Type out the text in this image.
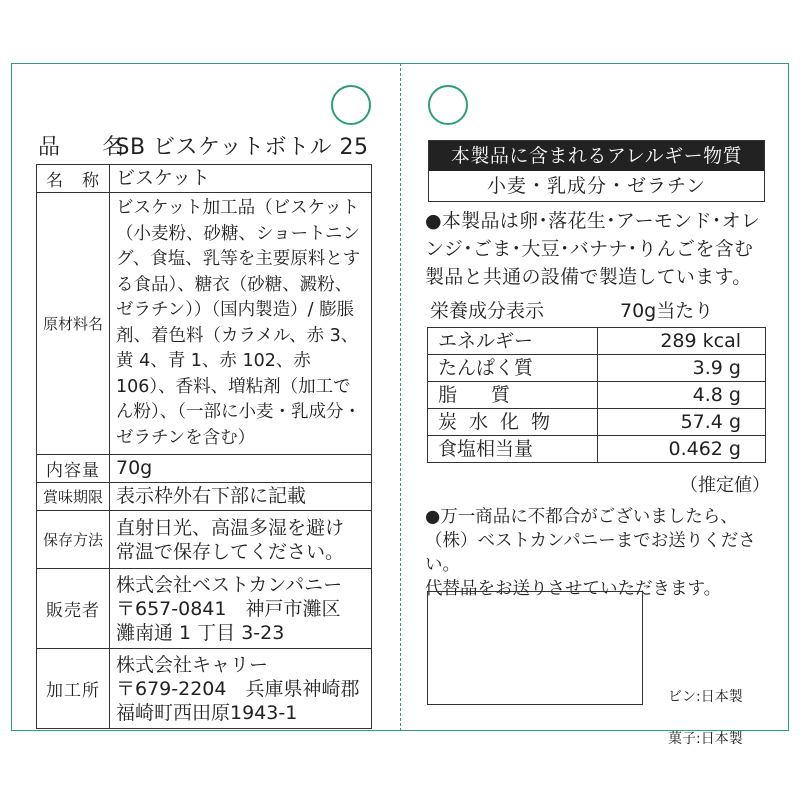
品　名 SB ビスケットボトル 25
名　称	ビスケット
原材料名	ビスケット加工品（ビスケット（小麦粉、砂糖、ショートニング、食塩、乳等を主要原料とする食品）、糖衣（砂糖、澱粉、ゼラチン））（国内製造）/ 膨脹剤、着色料（カラメル、赤 3、黄 4、青 1、赤 102、赤 106）、香料、増粘剤（加工でん粉）、（一部に小麦・乳成分・ゼラチンを含む）
内容量	70g
賞味期限	表示枠外右下部に記載
保存方法	直射日光、高温多湿を避け
常温で保存してください。
販売者	株式会社ベストカンパニー
〒657-0841　神戸市灘区
灘南通 1 丁目 3-23
加工所	株式会社キャリー
〒679-2204　兵庫県神崎郡
福崎町西田原1943-1
本製品に含まれるアレルギー物質
小麦・乳成分・ゼラチン
●本製品は卵･落花生･アーモンド･オレ
ンジ･ごま･大豆･バナナ･りんごを含む
製品と共通の設備で製造しています。
栄養成分表示	70g当たり
エネルギー	289 kcal
たんぱく質	3.9 g
脂質	4.8 g
炭水化物	57.4 g
食塩相当量	0.462 g
（推定値）
●万一商品に不都合がございましたら、
（株）ベストカンパニーまでお送りください。
代替品をお送りさせていただきます。

ビン:日本製

菓子:日本製
